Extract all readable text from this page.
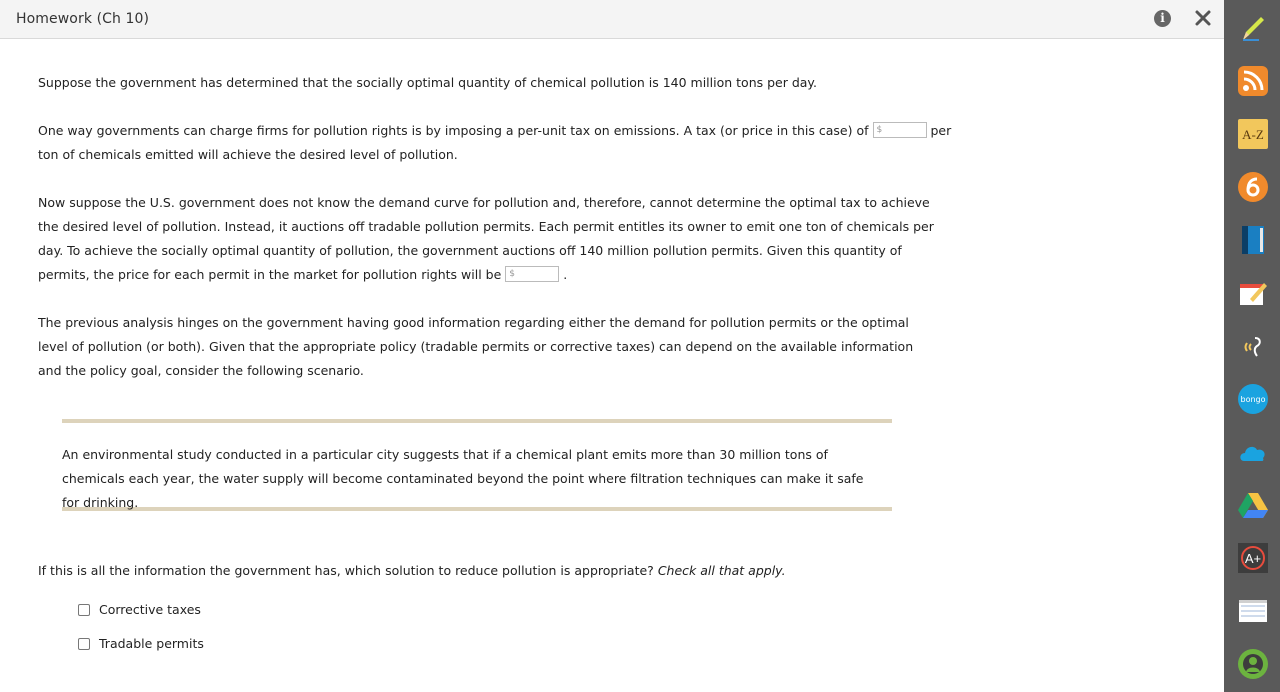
Homework (Ch 10)	i

Suppose the government has determined that the socially optimal quantity of chemical pollution is 140 million tons per day.

One way governments can charge firms for pollution rights is by imposing a per-unit tax on emissions. A tax (or price in this case) of $	per ton of chemicals emitted will achieve the desired level of pollution.

Now suppose the U.S. government does not know the demand curve for pollution and, therefore, cannot determine the optimal tax to achieve the desired level of pollution. Instead, it auctions off tradable pollution permits. Each permit entitles its owner to emit one ton of chemicals per day. To achieve the socially optimal quantity of pollution, the government auctions off 140 million pollution permits. Given this quantity of permits, the price for each permit in the market for pollution rights will be $	.

The previous analysis hinges on the government having good information regarding either the demand for pollution permits or the optimal level of pollution (or both). Given that the appropriate policy (tradable permits or corrective taxes) can depend on the available information and the policy goal, consider the following scenario.

If this is all the information the government has, which solution to reduce pollution is appropriate? Check all that apply.

An environmental study conducted in a particular city suggests that if a chemical plant emits more than 30 million tons of chemicals each year, the water supply will become contaminated beyond the point where filtration techniques can make it safe for drinking.
Corrective taxes
Tradable permits
A-Z
bongo
A+
